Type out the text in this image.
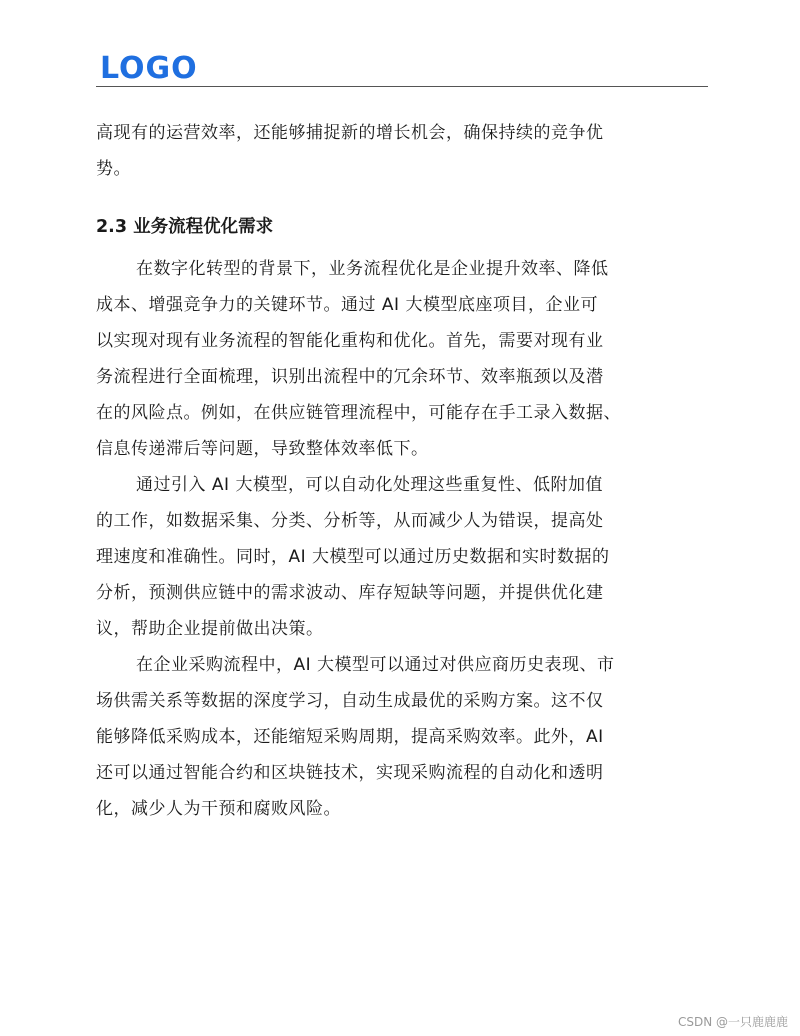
LOGO
高现有的运营效率，还能够捕捉新的增长机会，确保持续的竞争优
势。
2.3 业务流程优化需求
在数字化转型的背景下，业务流程优化是企业提升效率、降低
成本、增强竞争力的关键环节。通过 AI 大模型底座项目，企业可
以实现对现有业务流程的智能化重构和优化。首先，需要对现有业
务流程进行全面梳理，识别出流程中的冗余环节、效率瓶颈以及潜
在的风险点。例如，在供应链管理流程中，可能存在手工录入数据、
信息传递滞后等问题，导致整体效率低下。
通过引入 AI 大模型，可以自动化处理这些重复性、低附加值
的工作，如数据采集、分类、分析等，从而减少人为错误，提高处
理速度和准确性。同时，AI 大模型可以通过历史数据和实时数据的
分析，预测供应链中的需求波动、库存短缺等问题，并提供优化建
议，帮助企业提前做出决策。
在企业采购流程中，AI 大模型可以通过对供应商历史表现、市
场供需关系等数据的深度学习，自动生成最优的采购方案。这不仅
能够降低采购成本，还能缩短采购周期，提高采购效率。此外，AI
还可以通过智能合约和区块链技术，实现采购流程的自动化和透明
化，减少人为干预和腐败风险。
CSDN @一只鹿鹿鹿
